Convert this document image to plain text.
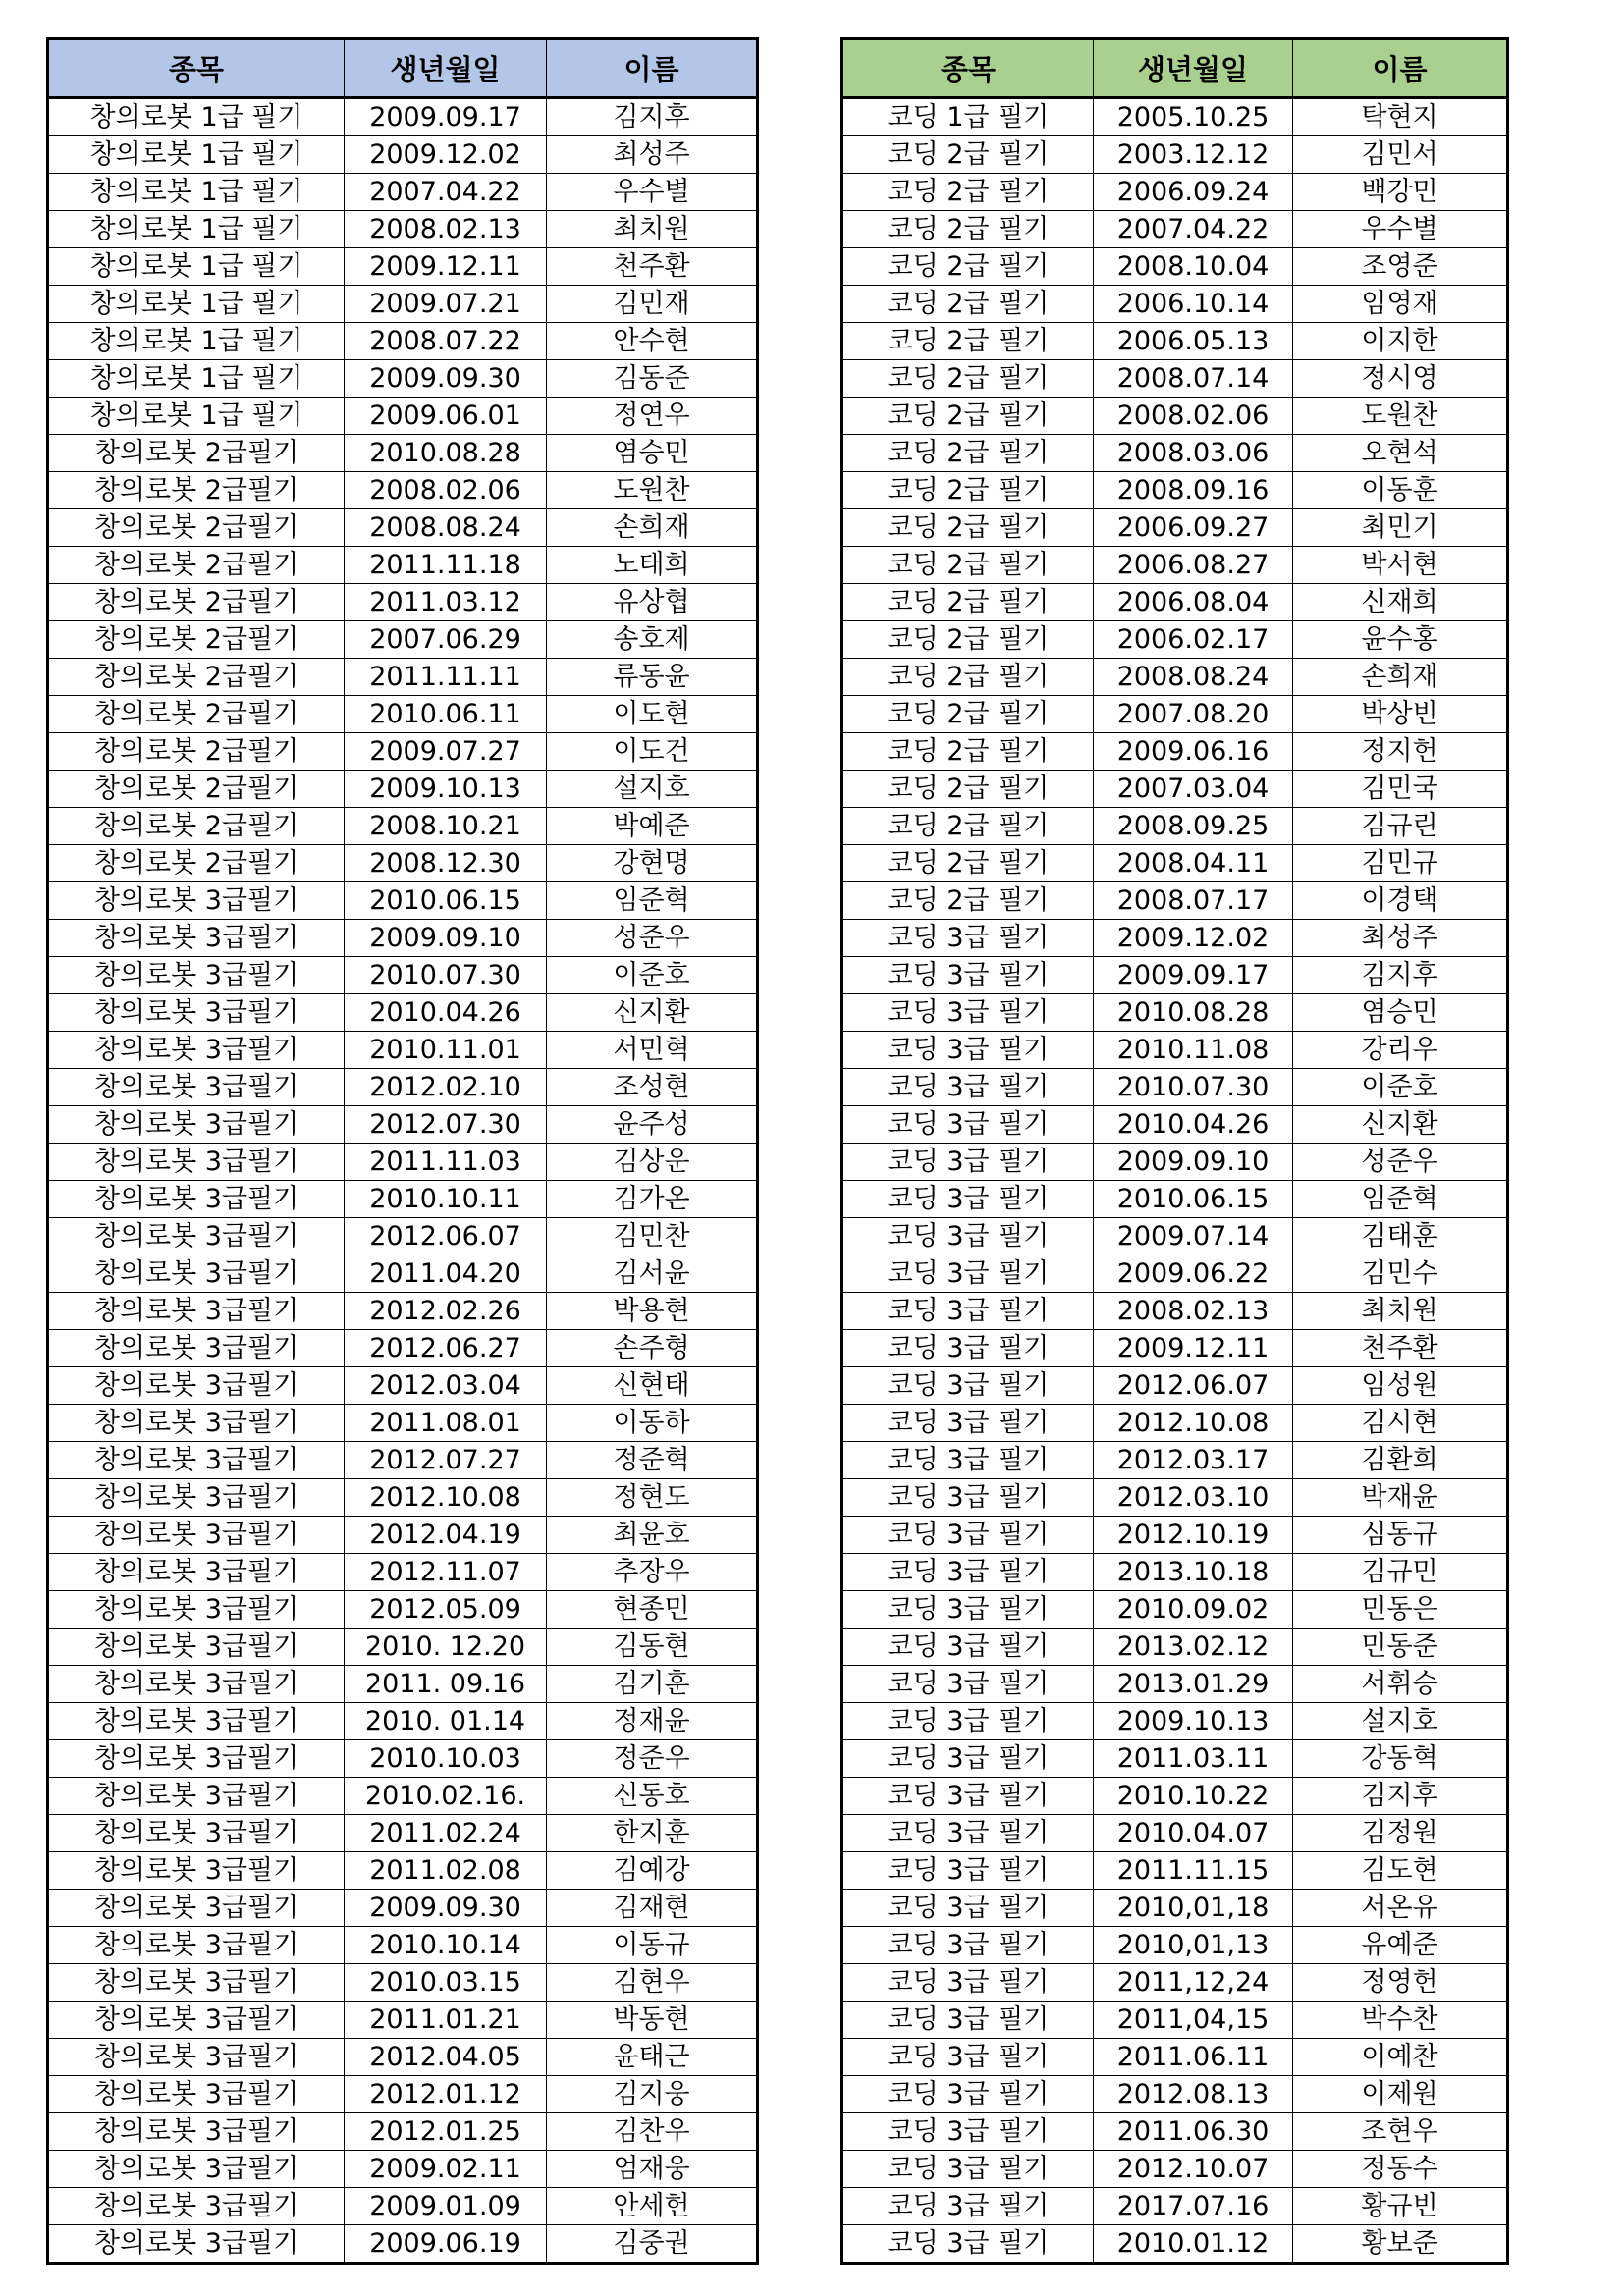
종목	생년월일	이름
창의로봇 1급 필기	2009.09.17	김지후
창의로봇 1급 필기	2009.12.02	최성주
창의로봇 1급 필기	2007.04.22	우수별
창의로봇 1급 필기	2008.02.13	최치원
창의로봇 1급 필기	2009.12.11	천주환
창의로봇 1급 필기	2009.07.21	김민재
창의로봇 1급 필기	2008.07.22	안수현
창의로봇 1급 필기	2009.09.30	김동준
창의로봇 1급 필기	2009.06.01	정연우
창의로봇 2급필기	2010.08.28	염승민
창의로봇 2급필기	2008.02.06	도원찬
창의로봇 2급필기	2008.08.24	손희재
창의로봇 2급필기	2011.11.18	노태희
창의로봇 2급필기	2011.03.12	유상협
창의로봇 2급필기	2007.06.29	송호제
창의로봇 2급필기	2011.11.11	류동윤
창의로봇 2급필기	2010.06.11	이도현
창의로봇 2급필기	2009.07.27	이도건
창의로봇 2급필기	2009.10.13	설지호
창의로봇 2급필기	2008.10.21	박예준
창의로봇 2급필기	2008.12.30	강현명
창의로봇 3급필기	2010.06.15	임준혁
창의로봇 3급필기	2009.09.10	성준우
창의로봇 3급필기	2010.07.30	이준호
창의로봇 3급필기	2010.04.26	신지환
창의로봇 3급필기	2010.11.01	서민혁
창의로봇 3급필기	2012.02.10	조성현
창의로봇 3급필기	2012.07.30	윤주성
창의로봇 3급필기	2011.11.03	김상운
창의로봇 3급필기	2010.10.11	김가온
창의로봇 3급필기	2012.06.07	김민찬
창의로봇 3급필기	2011.04.20	김서윤
창의로봇 3급필기	2012.02.26	박용현
창의로봇 3급필기	2012.06.27	손주형
창의로봇 3급필기	2012.03.04	신현태
창의로봇 3급필기	2011.08.01	이동하
창의로봇 3급필기	2012.07.27	정준혁
창의로봇 3급필기	2012.10.08	정현도
창의로봇 3급필기	2012.04.19	최윤호
창의로봇 3급필기	2012.11.07	추장우
창의로봇 3급필기	2012.05.09	현종민
창의로봇 3급필기	2010. 12.20	김동현
창의로봇 3급필기	2011. 09.16	김기훈
창의로봇 3급필기	2010. 01.14	정재윤
창의로봇 3급필기	2010.10.03	정준우
창의로봇 3급필기	2010.02.16.	신동호
창의로봇 3급필기	2011.02.24	한지훈
창의로봇 3급필기	2011.02.08	김예강
창의로봇 3급필기	2009.09.30	김재현
창의로봇 3급필기	2010.10.14	이동규
창의로봇 3급필기	2010.03.15	김현우
창의로봇 3급필기	2011.01.21	박동현
창의로봇 3급필기	2012.04.05	윤태근
창의로봇 3급필기	2012.01.12	김지웅
창의로봇 3급필기	2012.01.25	김찬우
창의로봇 3급필기	2009.02.11	엄재웅
창의로봇 3급필기	2009.01.09	안세헌
창의로봇 3급필기	2009.06.19	김중권
종목	생년월일	이름
코딩 1급 필기	2005.10.25	탁현지
코딩 2급 필기	2003.12.12	김민서
코딩 2급 필기	2006.09.24	백강민
코딩 2급 필기	2007.04.22	우수별
코딩 2급 필기	2008.10.04	조영준
코딩 2급 필기	2006.10.14	임영재
코딩 2급 필기	2006.05.13	이지한
코딩 2급 필기	2008.07.14	정시영
코딩 2급 필기	2008.02.06	도원찬
코딩 2급 필기	2008.03.06	오현석
코딩 2급 필기	2008.09.16	이동훈
코딩 2급 필기	2006.09.27	최민기
코딩 2급 필기	2006.08.27	박서현
코딩 2급 필기	2006.08.04	신재희
코딩 2급 필기	2006.02.17	윤수홍
코딩 2급 필기	2008.08.24	손희재
코딩 2급 필기	2007.08.20	박상빈
코딩 2급 필기	2009.06.16	정지헌
코딩 2급 필기	2007.03.04	김민국
코딩 2급 필기	2008.09.25	김규린
코딩 2급 필기	2008.04.11	김민규
코딩 2급 필기	2008.07.17	이경택
코딩 3급 필기	2009.12.02	최성주
코딩 3급 필기	2009.09.17	김지후
코딩 3급 필기	2010.08.28	염승민
코딩 3급 필기	2010.11.08	강리우
코딩 3급 필기	2010.07.30	이준호
코딩 3급 필기	2010.04.26	신지환
코딩 3급 필기	2009.09.10	성준우
코딩 3급 필기	2010.06.15	임준혁
코딩 3급 필기	2009.07.14	김태훈
코딩 3급 필기	2009.06.22	김민수
코딩 3급 필기	2008.02.13	최치원
코딩 3급 필기	2009.12.11	천주환
코딩 3급 필기	2012.06.07	임성원
코딩 3급 필기	2012.10.08	김시현
코딩 3급 필기	2012.03.17	김환희
코딩 3급 필기	2012.03.10	박재윤
코딩 3급 필기	2012.10.19	심동규
코딩 3급 필기	2013.10.18	김규민
코딩 3급 필기	2010.09.02	민동은
코딩 3급 필기	2013.02.12	민동준
코딩 3급 필기	2013.01.29	서휘승
코딩 3급 필기	2009.10.13	설지호
코딩 3급 필기	2011.03.11	강동혁
코딩 3급 필기	2010.10.22	김지후
코딩 3급 필기	2010.04.07	김정원
코딩 3급 필기	2011.11.15	김도현
코딩 3급 필기	2010,01,18	서온유
코딩 3급 필기	2010,01,13	유예준
코딩 3급 필기	2011,12,24	정영헌
코딩 3급 필기	2011,04,15	박수찬
코딩 3급 필기	2011.06.11	이예찬
코딩 3급 필기	2012.08.13	이제원
코딩 3급 필기	2011.06.30	조현우
코딩 3급 필기	2012.10.07	정동수
코딩 3급 필기	2017.07.16	황규빈
코딩 3급 필기	2010.01.12	황보준
